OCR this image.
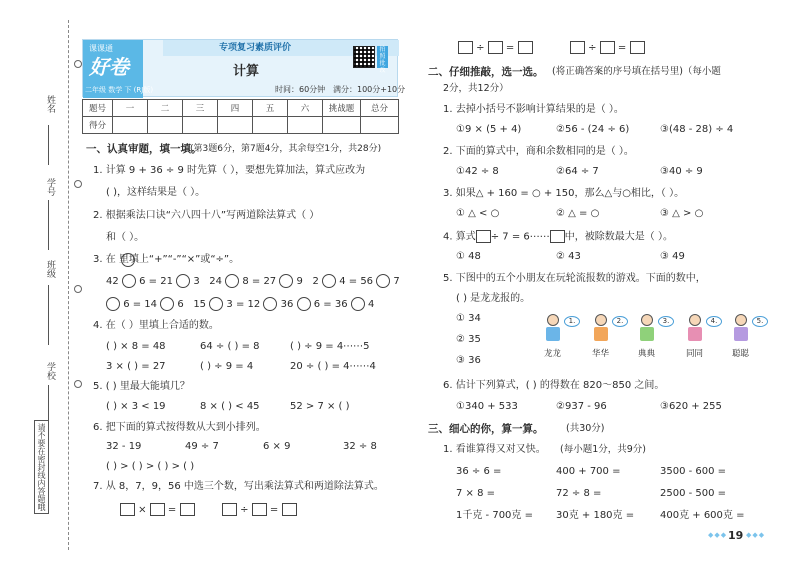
姓名
学号
班级
学校
请不要在密封线内答题哦
课课通
好卷
二年级 数学 下 (RJ版)
专项复习素质评价
计算
拍照批改
时间：60分钟 满分：100分+10分
题号	一	二	三	四	五	六	挑战题	总分
得分								
一、认真审题，填一填。
(第3题6分，第7题4分，其余每空1分，共28分)
1. 计算 9 + 36 ÷ 9 时先算（ ），要想先算加法，算式应改为
( )，这样结果是（ ）。
2. 根据乘法口诀“六八四十八”写两道除法算式（ ）
和（ ）。
3. 在 里填上“+”“-”“×”或“÷”。
42 6 = 21 3 24 8 = 27 9 2 4 = 56 7
6 = 14 6 15 3 = 12 36 6 = 36 4
4. 在（ ）里填上合适的数。
( ) × 8 = 48	64 ÷ ( ) = 8	( ) ÷ 9 = 4⋯⋯5
3 × ( ) = 27	( ) ÷ 9 = 4	20 ÷ ( ) = 4⋯⋯4
5. ( ) 里最大能填几？
( ) × 3 < 19	8 × ( ) < 45	52 > 7 × ( )
6. 把下面的算式按得数从大到小排列。
32 - 19	49 ÷ 7	6 × 9	32 ÷ 8
( ) > ( ) > ( ) > ( )
7. 从 8，7，9，56 中选三个数，写出乘法算式和两道除法算式。
×  =	÷  =
÷  =	÷  =
二、仔细推敲，选一选。 (将正确答案的序号填在括号里)（每小题
2分，共12分）
1. 去掉小括号不影响计算结果的是（ ）。
①9 × (5 + 4)	②56 - (24 ÷ 6)	③(48 - 28) ÷ 4
2. 下面的算式中，商和余数相同的是（ ）。
①42 ÷ 8	②64 ÷ 7	③40 ÷ 9
3. 如果△ + 160 = ○ + 150，那么△与○相比，（ ）。
① △ < ○	② △ = ○	③ △ > ○
4. 算式 ÷ 7 = 6⋯⋯ 中，被除数最大是（ ）。
① 48	② 43	③ 49
5. 下图中的五个小朋友在玩轮流报数的游戏。下面的数中，
( ) 是龙龙报的。
① 34
② 35
③ 36
1.	2.	3.	4.	5.
龙龙	华华	典典	同同	聪聪
6. 估计下列算式，( ) 的得数在 820～850 之间。
①340 + 533	②937 - 96	③620 + 255
三、细心的你，算一算。 (共30分)
1. 看谁算得又对又快。 (每小题1分，共9分)
36 ÷ 6 =	400 + 700 =	3500 - 600 =
7 × 8 =	72 ÷ 8 =	2500 - 500 =
1千克 - 700克 = 30克 + 180克 =	400克 + 600克 =
◆◆◆ 19 ◆◆◆
